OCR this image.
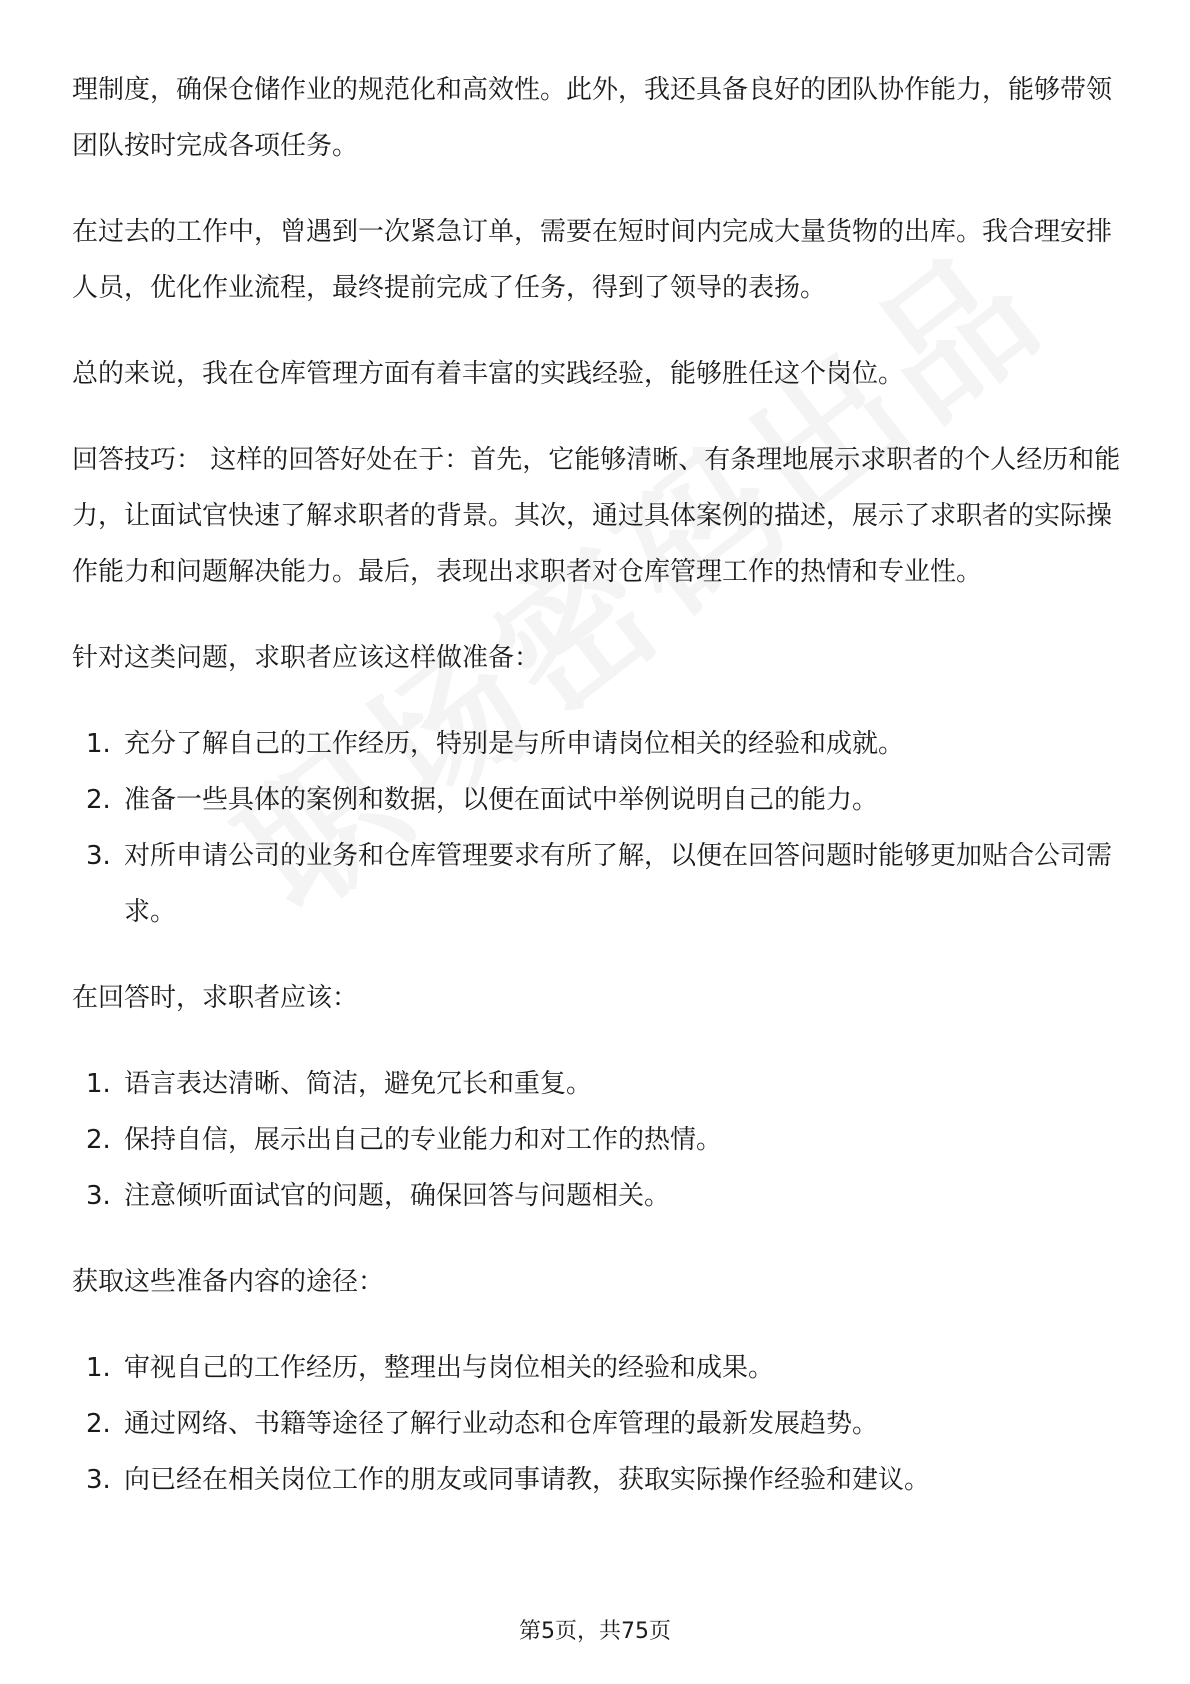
理制度，确保仓储作业的规范化和高效性。此外，我还具备良好的团队协作能力，能够带领团队按时完成各项任务。

在过去的工作中，曾遇到一次紧急订单，需要在短时间内完成大量货物的出库。我合理安排人员，优化作业流程，最终提前完成了任务，得到了领导的表扬。

总的来说，我在仓库管理方面有着丰富的实践经验，能够胜任这个岗位。

回答技巧： 这样的回答好处在于：首先，它能够清晰、有条理地展示求职者的个人经历和能力，让面试官快速了解求职者的背景。其次，通过具体案例的描述，展示了求职者的实际操作能力和问题解决能力。最后，表现出求职者对仓库管理工作的热情和专业性。

针对这类问题，求职者应该这样做准备：

1. 充分了解自己的工作经历，特别是与所申请岗位相关的经验和成就。
2. 准备一些具体的案例和数据，以便在面试中举例说明自己的能力。
3. 对所申请公司的业务和仓库管理要求有所了解，以便在回答问题时能够更加贴合公司需求。

在回答时，求职者应该：

1. 语言表达清晰、简洁，避免冗长和重复。
2. 保持自信，展示出自己的专业能力和对工作的热情。
3. 注意倾听面试官的问题，确保回答与问题相关。

获取这些准备内容的途径：

1. 审视自己的工作经历，整理出与岗位相关的经验和成果。
2. 通过网络、书籍等途径了解行业动态和仓库管理的最新发展趋势。
3. 向已经在相关岗位工作的朋友或同事请教，获取实际操作经验和建议。
第5页，共75页
